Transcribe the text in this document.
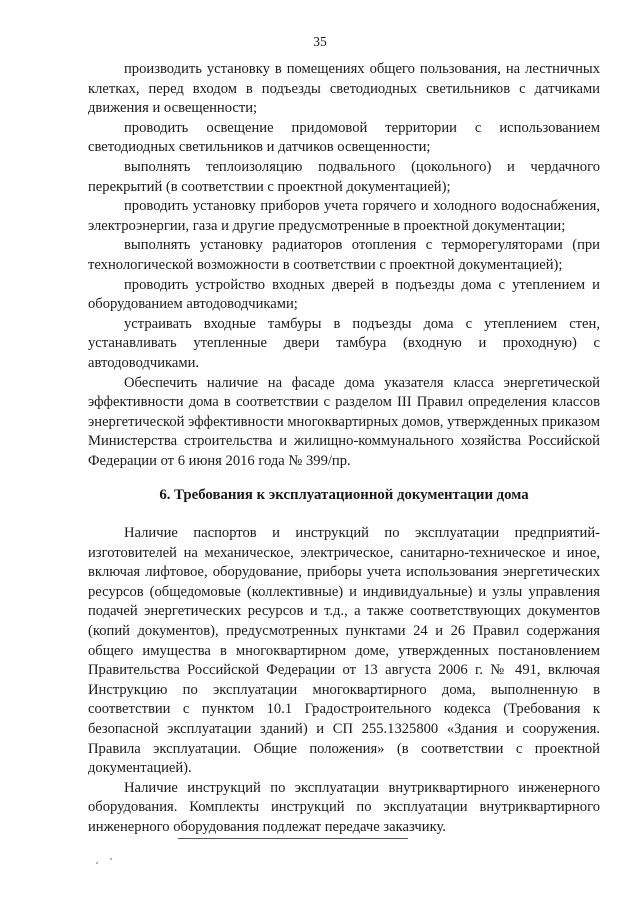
35

производить установку в помещениях общего пользования, на лестничных клетках, перед входом в подъезды светодиодных светильников с датчиками движения и освещенности;

проводить освещение придомовой территории с использованием светодиодных светильников и датчиков освещенности;

выполнять теплоизоляцию подвального (цокольного) и чердачного перекрытий (в соответствии с проектной документацией);

проводить установку приборов учета горячего и холодного водоснабжения, электроэнергии, газа и другие предусмотренные в проектной документации;

выполнять установку радиаторов отопления с терморегуляторами (при технологической возможности в соответствии с проектной документацией);

проводить устройство входных дверей в подъезды дома с утеплением и оборудованием автодоводчиками;

устраивать входные тамбуры в подъезды дома с утеплением стен, устанавливать утепленные двери тамбура (входную и проходную) с автодоводчиками.

Обеспечить наличие на фасаде дома указателя класса энергетической эффективности дома в соответствии с разделом III Правил определения классов энергетической эффективности многоквартирных домов, утвержденных приказом Министерства строительства и жилищно-коммунального хозяйства Российской Федерации от 6 июня 2016 года № 399/пр.

6. Требования к эксплуатационной документации дома

Наличие паспортов и инструкций по эксплуатации предприятий-изготовителей на механическое, электрическое, санитарно-техническое и иное, включая лифтовое, оборудование, приборы учета использования энергетических ресурсов (общедомовые (коллективные) и индивидуальные) и узлы управления подачей энергетических ресурсов и т.д., а также соответствующих документов (копий документов), предусмотренных пунктами 24 и 26 Правил содержания общего имущества в многоквартирном доме, утвержденных постановлением Правительства Российской Федерации от 13 августа 2006 г. № 491, включая Инструкцию по эксплуатации многоквартирного дома, выполненную в соответствии с пунктом 10.1 Градостроительного кодекса (Требования к безопасной эксплуатации зданий) и СП 255.1325800 «Здания и сооружения. Правила эксплуатации. Общие положения» (в соответствии с проектной документацией).

Наличие инструкций по эксплуатации внутриквартирного инженерного оборудования. Комплекты инструкций по эксплуатации внутриквартирного инженерного оборудования подлежат передаче заказчику.
